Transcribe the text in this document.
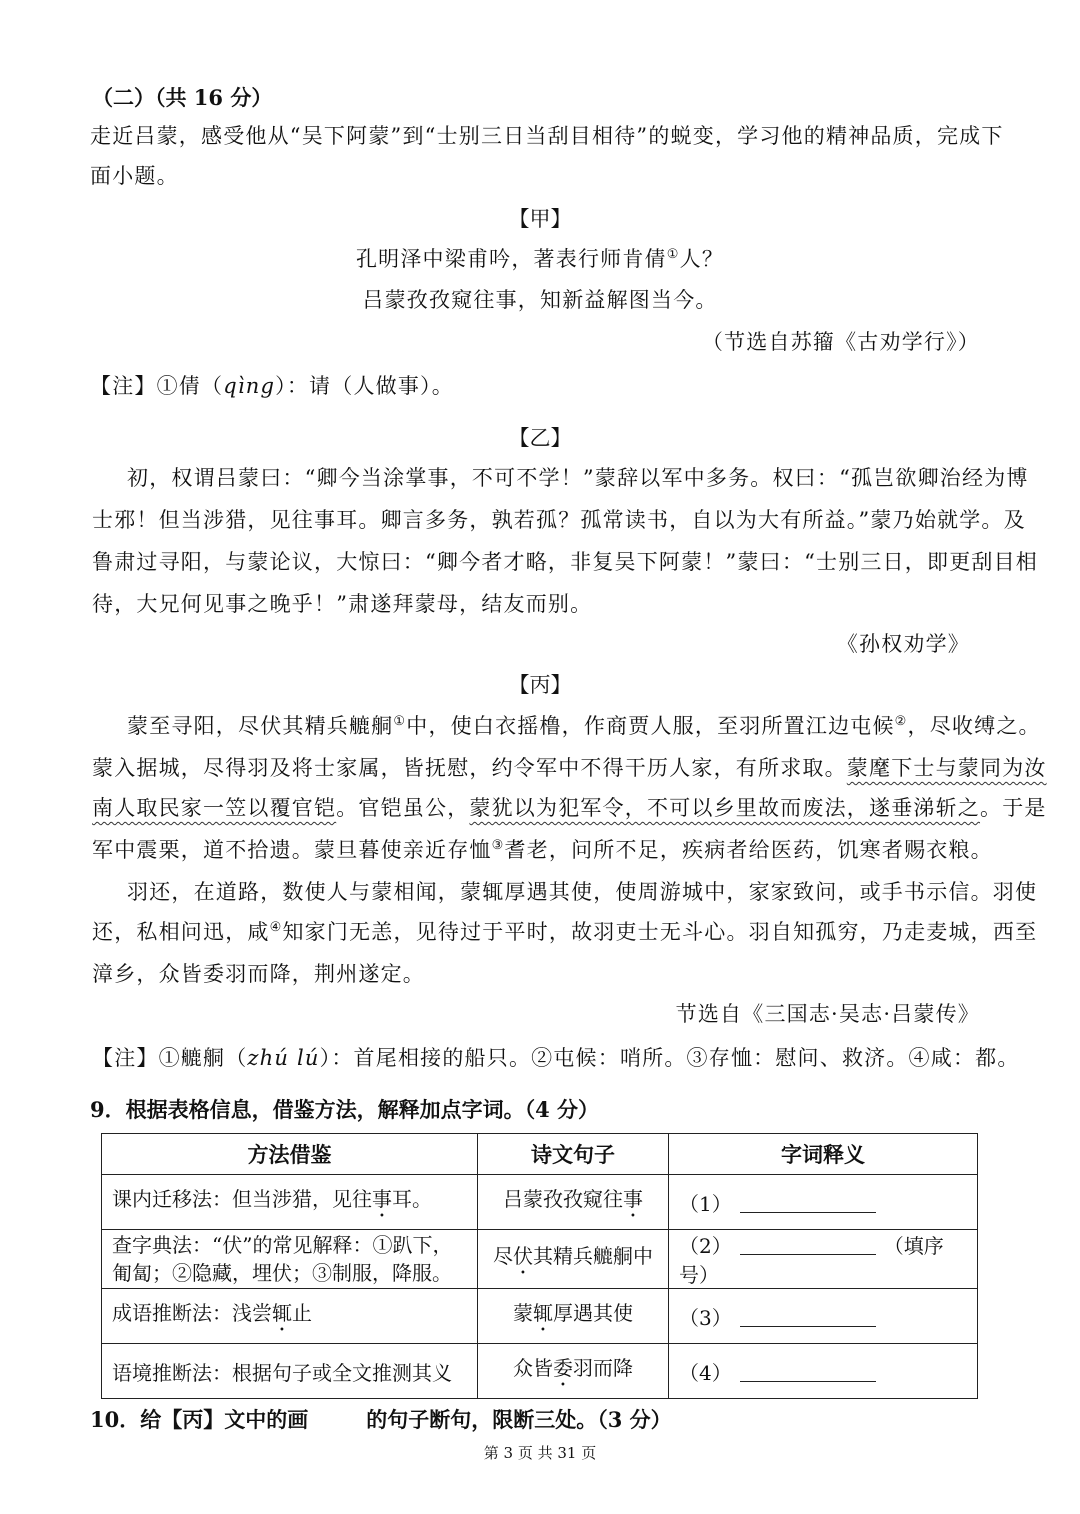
（二）（共 16 分）
走近吕蒙，感受他从“吴下阿蒙”到“士别三日当刮目相待”的蜕变，学习他的精神品质，完成下
面小题。
【甲】
孔明泽中梁甫吟，著表行师肯倩①人？
吕蒙孜孜窥往事，知新益解图当今。
（节选自苏籀《古劝学行》）
【注】①倩（qìng）：请（人做事）。
【乙】
初，权谓吕蒙曰：“卿今当涂掌事，不可不学！”蒙辞以军中多务。权曰：“孤岂欲卿治经为博
士邪！但当涉猎，见往事耳。卿言多务，孰若孤？孤常读书，自以为大有所益。”蒙乃始就学。及
鲁肃过寻阳，与蒙论议，大惊曰：“卿今者才略，非复吴下阿蒙！”蒙曰：“士别三日，即更刮目相
待，大兄何见事之晚乎！”肃遂拜蒙母，结友而别。
《孙权劝学》
【丙】
蒙至寻阳，尽伏其精兵𦪇𦨴①中，使白衣摇橹，作商贾人服，至羽所置江边屯候②，尽收缚之。
蒙入据城，尽得羽及将士家属，皆抚慰，约令军中不得干历人家，有所求取。蒙麾下士与蒙同为汝
南人取民家一笠以覆官铠。官铠虽公，蒙犹以为犯军令，不可以乡里故而废法，遂垂涕斩之。于是
军中震栗，道不拾遗。蒙旦暮使亲近存恤③耆老，问所不足，疾病者给医药，饥寒者赐衣粮。
羽还，在道路，数使人与蒙相闻，蒙辄厚遇其使，使周游城中，家家致问，或手书示信。羽使
还，私相问迅，咸④知家门无恙，见待过于平时，故羽吏士无斗心。羽自知孤穷，乃走麦城，西至
漳乡，众皆委羽而降，荆州遂定。
节选自《三国志·吴志·吕蒙传》
【注】①𦪇𦨴（zhú lú）：首尾相接的船只。②屯候：哨所。③存恤：慰问、救济。④咸：都。
9．根据表格信息，借鉴方法，解释加点字词。（4 分）
方法借鉴	诗文句子	字词释义
课内迁移法：但当涉猎，见往事耳。	吕蒙孜孜窥往事	（1）

查字典法：“伏”的常见解释：①趴下，
匍匐；②隐藏，埋伏；③制服，降服。	尽伏其精兵𦪇𦨴中	（2） （填序号）
成语推断法：浅尝辄止	蒙辄厚遇其使	（3）
语境推断法：根据句子或全文推测其义	众皆委羽而降	（4）
10．给【丙】文中的画	的句子断句，限断三处。（3 分）
第 3 页 共 31 页
